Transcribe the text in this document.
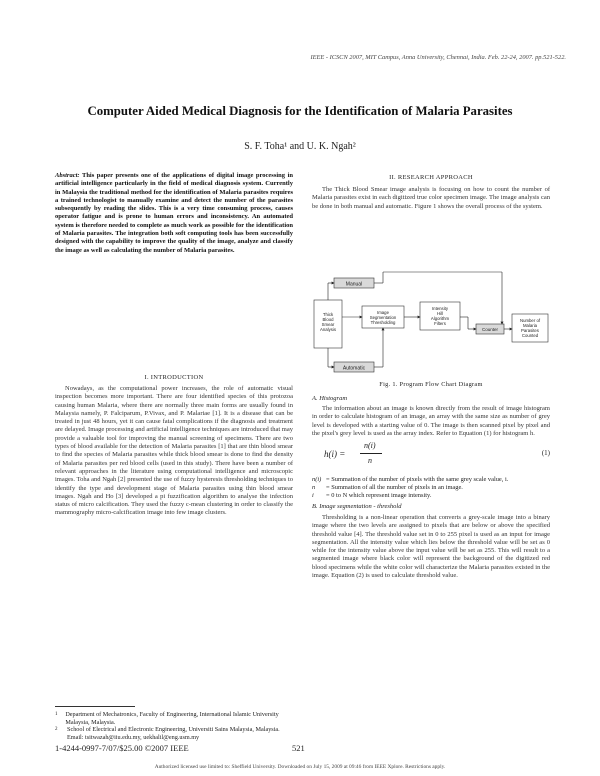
IEEE - ICSCN 2007, MIT Campus, Anna University, Chennai, India. Feb. 22-24, 2007. pp.521-522.
Computer Aided Medical Diagnosis for the Identification of Malaria Parasites
S. F. Toha¹ and U. K. Ngah²

Abstract: This paper presents one of the applications of digital image processing in artificial intelligence particularly in the field of medical diagnosis system. Currently in Malaysia the traditional method for the identification of Malaria parasites requires a trained technologist to manually examine and detect the number of the parasites subsequently by reading the slides. This is a very time consuming process, causes operator fatigue and is prone to human errors and inconsistency. An automated system is therefore needed to complete as much work as possible for the identification of Malaria parasites. The integration both soft computing tools has been successfully designed with the capability to improve the quality of the image, analyze and classify the image as well as calculating the number of Malaria parasites.

I. INTRODUCTION
Nowadays, as the computational power increases, the role of automatic visual inspection becomes more important. There are four identified species of this protozoa causing human Malaria, where there are normally three main forms are usually found in Malaysia namely, P. Falciparum, P.Vivax, and P. Malariae [1]. It is a disease that can be treated in just 48 hours, yet it can cause fatal complications if the diagnosis and treatment are delayed. Image processing and artificial intelligence techniques are introduced that may provide a valuable tool for improving the manual screening of specimens. There are two types of blood available for the detection of Malaria parasites [1] that are thin blood smear to find the species of Malaria parasites while thick blood smear is done to find the density of Malaria parasites per red blood cells (used in this study). There have been a number of relevant approaches in the literature using computational intelligence and microscopic images. Toha and Ngah [2] presented the use of fuzzy hysteresis thresholding techniques to identify the type and development stage of Malaria parasites using thin blood smear images. Ngah and Ho [3] developed a pi fuzzification algorithm to analyse the infection status of micro calcification. They used the fuzzy c-mean clustering in order to classify the mammography micro-calcification image into few image clusters.
1	Department of Mechatronics, Faculty of Engineering, International Islamic University Malaysia, Malaysia.
2	School of Electrical and Electronic Engineering, Universiti Sains Malaysia, Malaysia.
Email: tsitwazah@iiu.edu.my, uekhalil@eng.usm.my
1-4244-0997-7/07/$25.00 ©2007 IEEE	521
Authorized licensed use limited to: Sheffield University. Downloaded on July 15, 2009 at 09:46 from IEEE Xplore. Restrictions apply.
II. RESEARCH APPROACH
The Thick Blood Smear image analysis is focusing on how to count the number of Malaria parasites exist in each digitized true color specimen image. The image analysis can be done in both manual and automatic. Figure 1 shows the overall process of the system.
Manual
Thick Blood Smear Analysis
Image Segmentation Thresholding
Intensity Hill Algorithm Filters
Counter
Number of Malaria Parasites Counted
Automatic
Fig. 1. Program Flow Chart Diagram
A. Histogram
The information about an image is known directly from the result of image histogram in order to calculate histogram of an image, an array with the same size as number of grey level is developed with a starting value of 0. The image is then scanned pixel by pixel and the pixel's grey level is used as the array index. Refer to Equation (1) for histogram h.
h(i) =
n(i)
n
(1)
n(i) = Summation of the number of pixels with the same grey scale value, i.
n	= Summation of all the number of pixels in an image.
i	= 0 to N which represent image intensity.
B. Image segmentation - threshold
Thresholding is a non-linear operation that converts a grey-scale image into a binary image where the two levels are assigned to pixels that are below or above the specified threshold value [4]. The threshold value set in 0 to 255 pixel is used as an input for image segmentation. All the intensity value which lies below the threshold value will be set as 0 while for the intensity value above the input value will be set as 255. This will result to a segmented image where black color will represent the background of the digitized red blood specimens while the white color will characterize the Malaria parasites existed in the image. Equation (2) is used to calculate threshold value.
